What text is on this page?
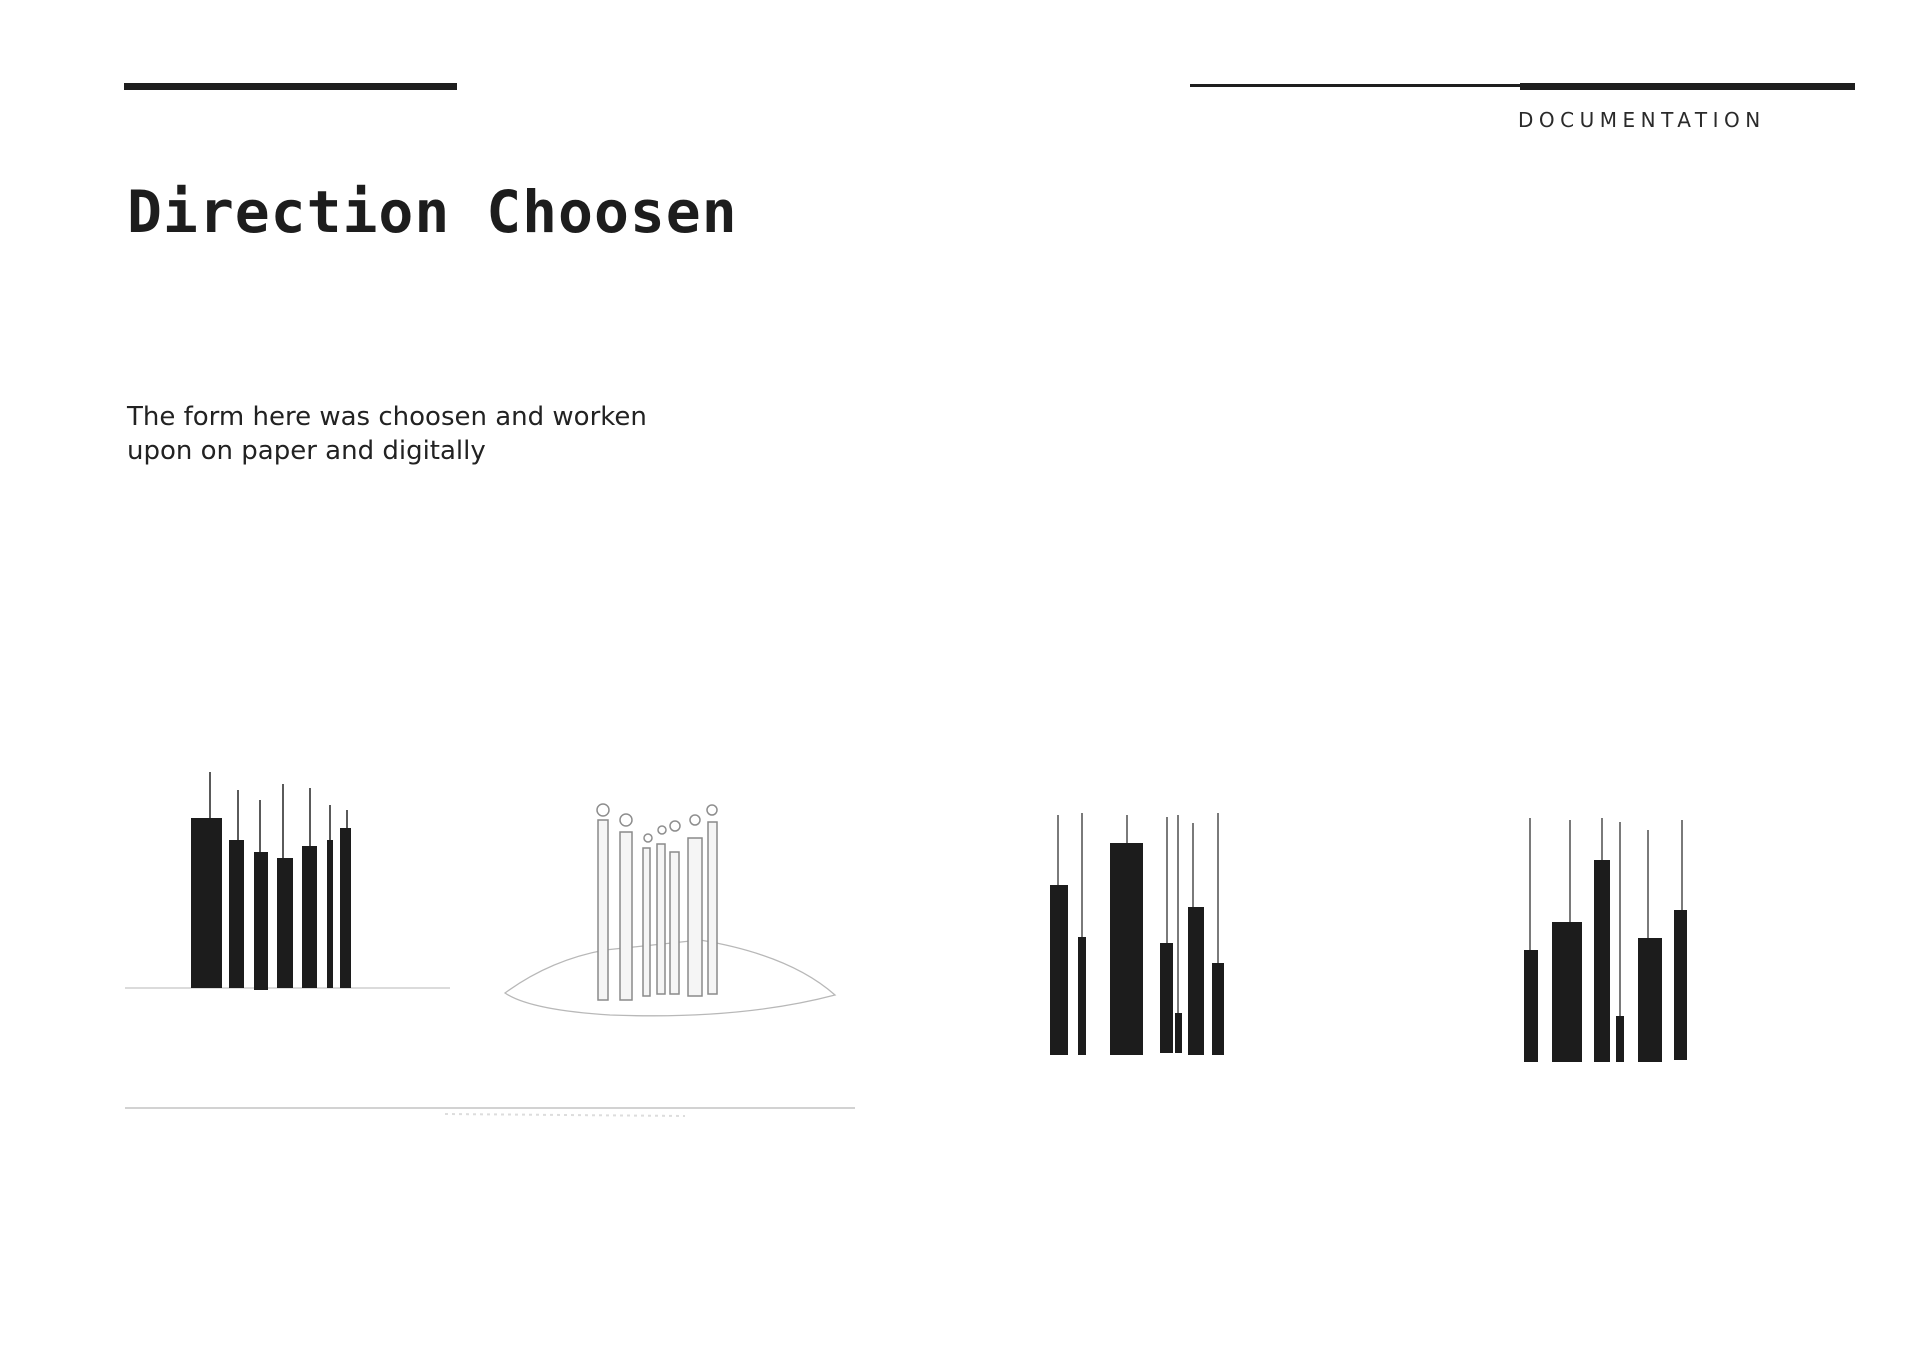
DOCUMENTATION
Direction Choosen

The form here was choosen and worken
upon on paper and digitally
